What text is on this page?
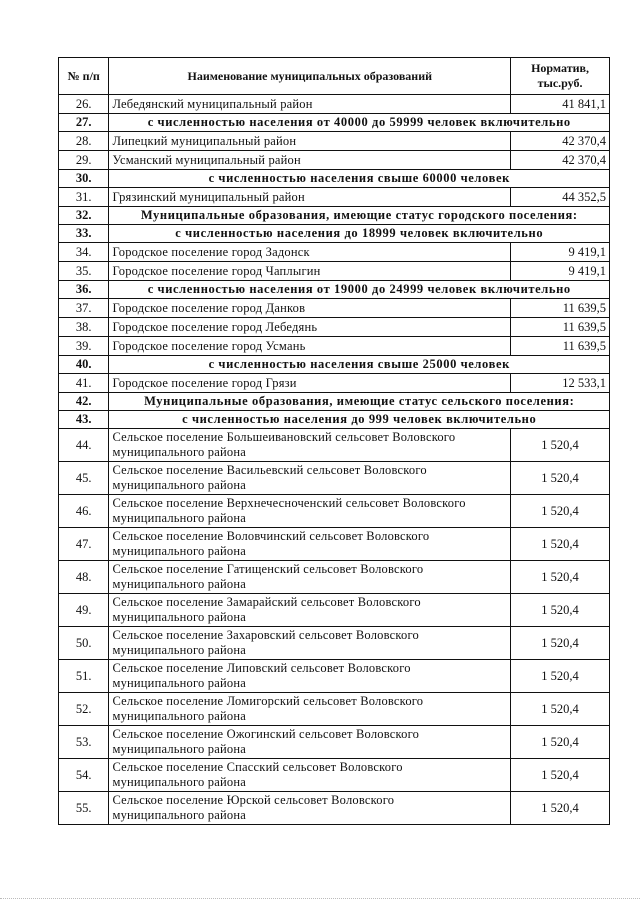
№ п/п	Наименование муниципальных образований	Норматив,
тыс.руб.

26.	Лебедянский муниципальный район	41 841,1
27.	с численностью населения от 40000 до 59999 человек включительно	
28.	Липецкий муниципальный район	42 370,4
29.	Усманский муниципальный район	42 370,4
30.	с численностью населения свыше 60000 человек	
31.	Грязинский муниципальный район	44 352,5
32.	Муниципальные образования, имеющие статус городского поселения:	
33.	с численностью населения до 18999 человек включительно	
34.	Городское поселение город Задонск	9 419,1
35.	Городское поселение город Чаплыгин	9 419,1
36.	с численностью населения от 19000 до 24999 человек включительно	
37.	Городское поселение город Данков	11 639,5
38.	Городское поселение город Лебедянь	11 639,5
39.	Городское поселение город Усмань	11 639,5
40.	с численностью населения свыше 25000 человек	
41.	Городское поселение город Грязи	12 533,1
42.	Муниципальные образования, имеющие статус сельского поселения:	
43.	с численностью населения до 999 человек включительно	
44.	Сельское поселение Большеивановский сельсовет Воловского
муниципального района	1 520,4
45.	Сельское поселение Васильевский сельсовет Воловского
муниципального района	1 520,4
46.	Сельское поселение Верхнечесноченский сельсовет Воловского
муниципального района	1 520,4
47.	Сельское поселение Воловчинский сельсовет Воловского
муниципального района	1 520,4
48.	Сельское поселение Гатищенский сельсовет Воловского
муниципального района	1 520,4
49.	Сельское поселение Замарайский сельсовет Воловского
муниципального района	1 520,4
50.	Сельское поселение Захаровский сельсовет Воловского
муниципального района	1 520,4
51.	Сельское поселение Липовский сельсовет Воловского
муниципального района	1 520,4
52.	Сельское поселение Ломигорский сельсовет Воловского
муниципального района	1 520,4
53.	Сельское поселение Ожогинский сельсовет Воловского
муниципального района	1 520,4
54.	Сельское поселение Спасский сельсовет Воловского
муниципального района	1 520,4
55.	Сельское поселение Юрской сельсовет Воловского
муниципального района	1 520,4
